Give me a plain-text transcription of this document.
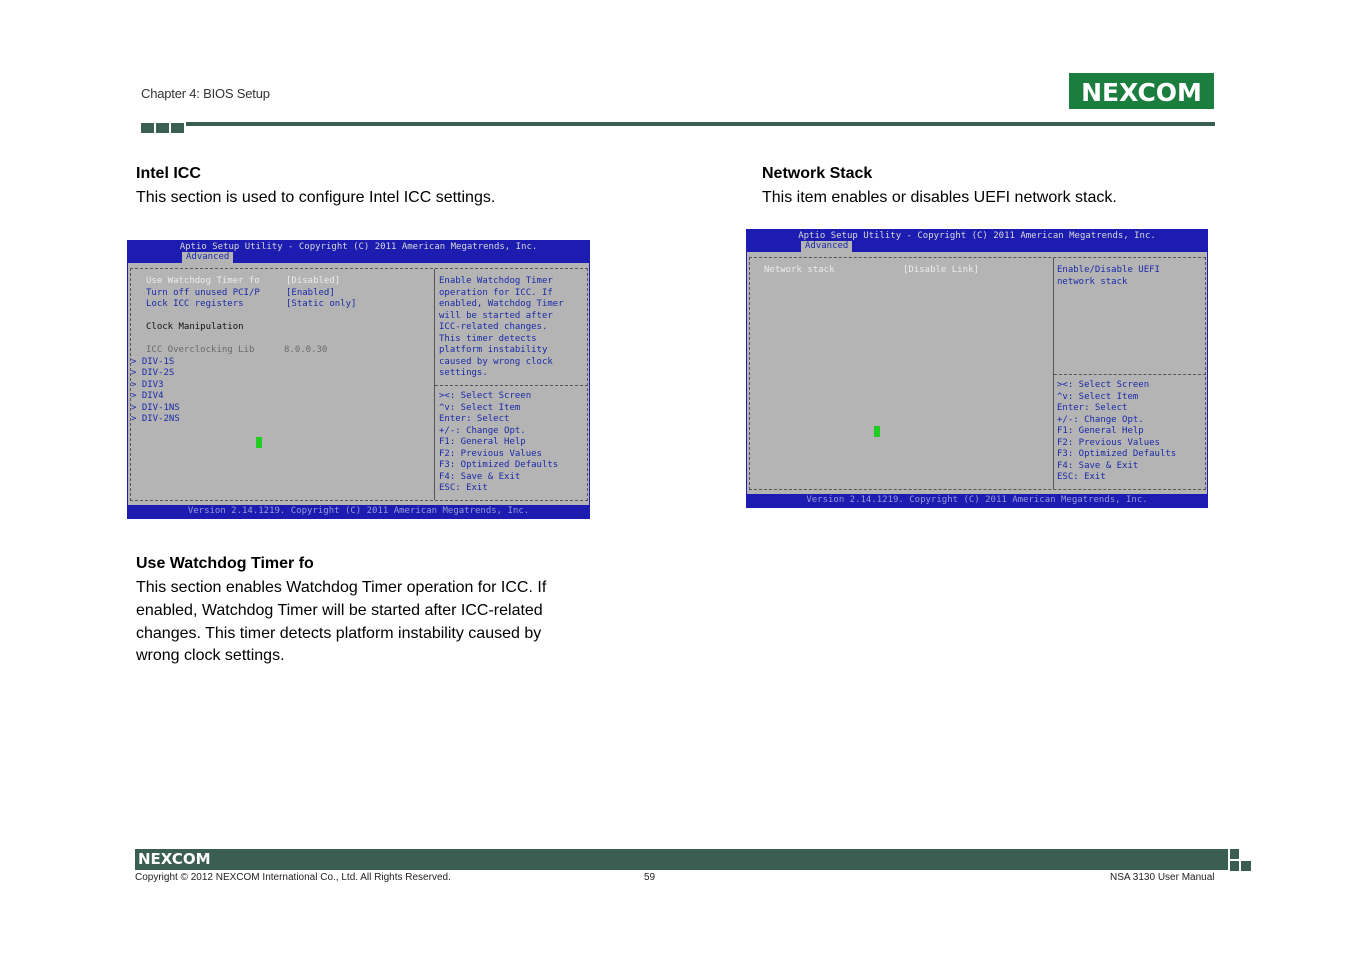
Chapter 4: BIOS Setup	NEXCOM
Intel ICC
This section is used to configure Intel ICC settings.
Aptio Setup Utility - Copyright (C) 2011 American Megatrends, Inc.
Advanced
Use Watchdog Timer fo	[Disabled]
Turn off unused PCI/P	[Enabled]
Lock ICC registers	[Static only]
Clock Manipulation
ICC Overclocking Lib	8.0.0.30
> DIV-1S
> DIV-2S
> DIV3
> DIV4
> DIV-1NS
> DIV-2NS
Enable Watchdog Timer
operation for ICC. If
enabled, Watchdog Timer
will be started after
ICC-related changes.
This timer detects
platform instability
caused by wrong clock
settings.
><: Select Screen
^v: Select Item
Enter: Select
+/-: Change Opt.
F1: General Help
F2: Previous Values
F3: Optimized Defaults
F4: Save & Exit
ESC: Exit
Version 2.14.1219. Copyright (C) 2011 American Megatrends, Inc.
Use Watchdog Timer fo
This section enables Watchdog Timer operation for ICC. If
enabled, Watchdog Timer will be started after ICC-related
changes. This timer detects platform instability caused by
wrong clock settings.
Network Stack
This item enables or disables UEFI network stack.
Aptio Setup Utility - Copyright (C) 2011 American Megatrends, Inc.
Advanced
Network stack	[Disable Link]	Enable/Disable UEFI
network stack
><: Select Screen
^v: Select Item
Enter: Select
+/-: Change Opt.
F1: General Help
F2: Previous Values
F3: Optimized Defaults
F4: Save & Exit
ESC: Exit
Version 2.14.1219. Copyright (C) 2011 American Megatrends, Inc.
NEXCOM
Copyright © 2012 NEXCOM International Co., Ltd. All Rights Reserved.	59	NSA 3130 User Manual
